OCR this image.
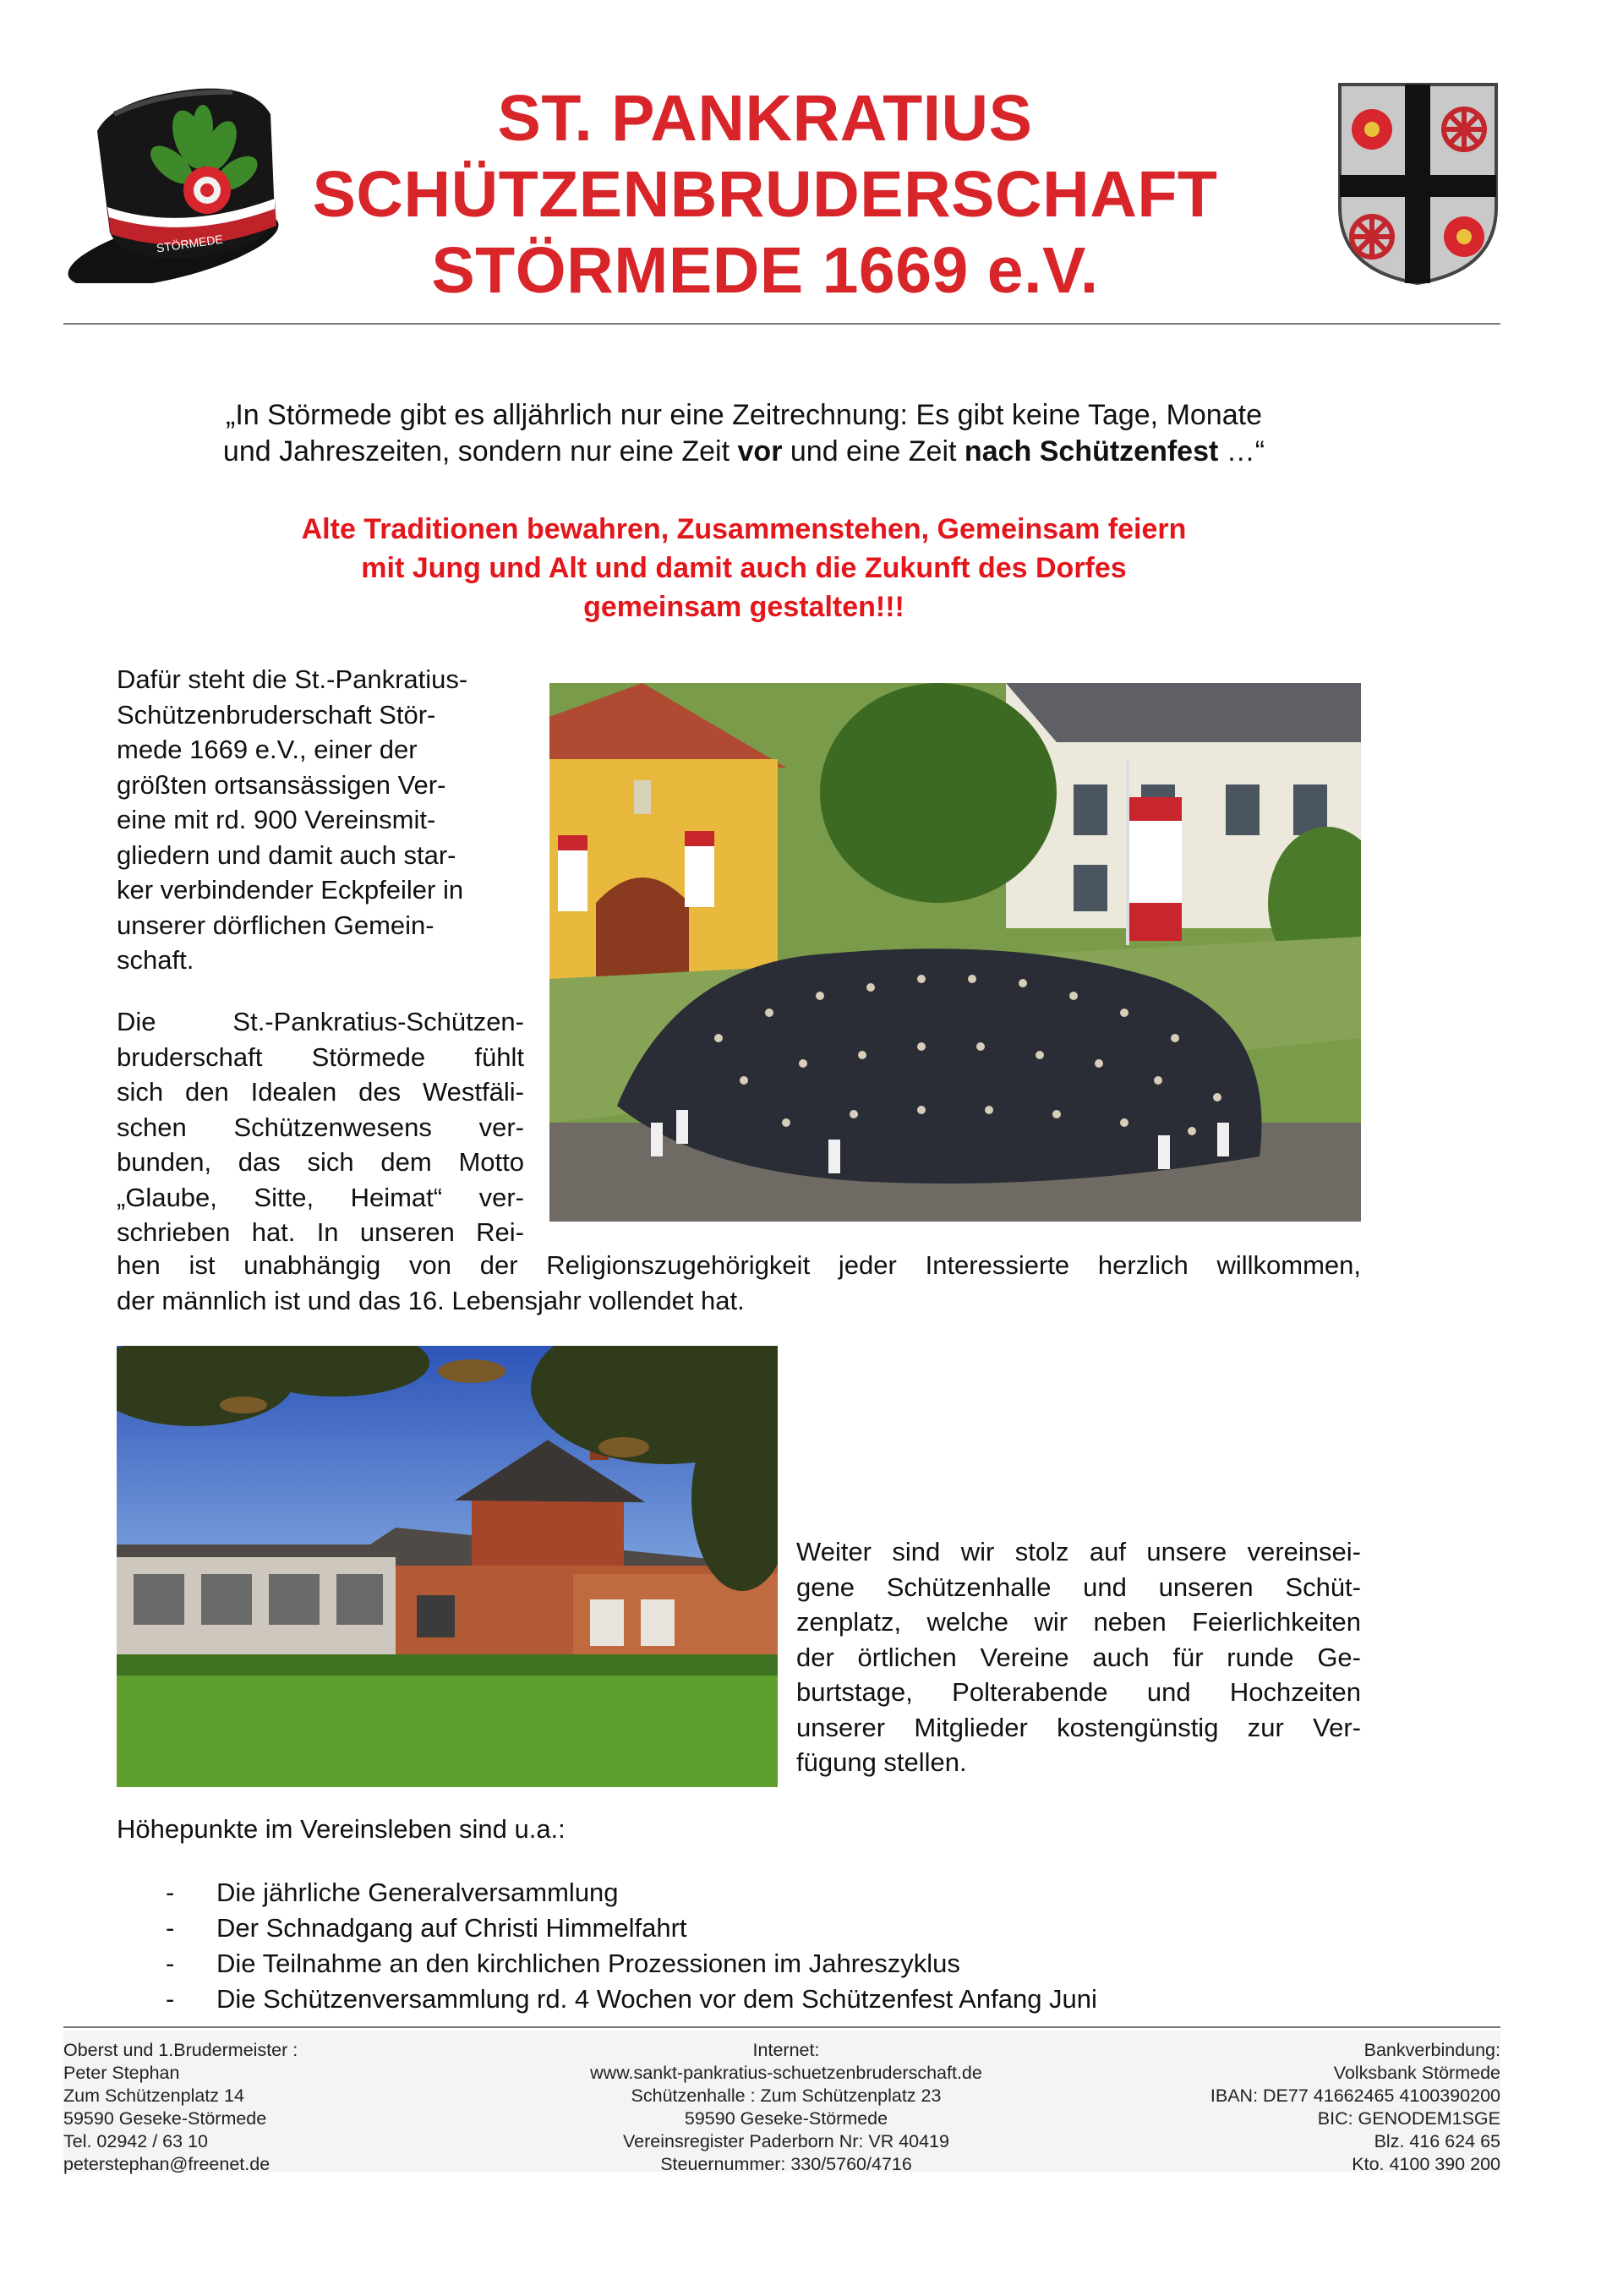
STÖRMEDE
ST. PANKRATIUS
SCHÜTZENBRUDERSCHAFT
STÖRMEDE 1669 e.V.
„In Störmede gibt es alljährlich nur eine Zeitrechnung: Es gibt keine Tage, Monate
und Jahreszeiten, sondern nur eine Zeit vor und eine Zeit nach Schützenfest …“
Alte Traditionen bewahren, Zusammenstehen, Gemeinsam feiern
mit Jung und Alt und damit auch die Zukunft des Dorfes
gemeinsam gestalten!!!
Dafür steht die St.-Pankratius-
Schützenbruderschaft Stör-
mede 1669 e.V., einer der
größten ortsansässigen Ver-
eine mit rd. 900 Vereinsmit-
gliedern und damit auch star-
ker verbindender Eckpfeiler in
unserer dörflichen Gemein-
schaft.
Die St.-Pankratius-Schützen-
bruderschaft Störmede fühlt
sich den Idealen des Westfäli-
schen Schützenwesens ver-
bunden, das sich dem Motto
„Glaube, Sitte, Heimat“ ver-
schrieben hat. In unseren Rei-
hen ist unabhängig von der Religionszugehörigkeit jeder Interessierte herzlich willkommen,
der männlich ist und das 16. Lebensjahr vollendet hat.
Weiter sind wir stolz auf unsere vereinsei-
gene Schützenhalle und unseren Schüt-
zenplatz, welche wir neben Feierlichkeiten
der örtlichen Vereine auch für runde Ge-
burtstage, Polterabende und Hochzeiten
unserer Mitglieder kostengünstig zur Ver-
fügung stellen.
Höhepunkte im Vereinsleben sind u.a.:
- Die jährliche Generalversammlung
- Der Schnadgang auf Christi Himmelfahrt
- Die Teilnahme an den kirchlichen Prozessionen im Jahreszyklus
- Die Schützenversammlung rd. 4 Wochen vor dem Schützenfest Anfang Juni
Oberst und 1.Brudermeister :
Peter Stephan
Zum Schützenplatz 14
59590 Geseke-Störmede
Tel. 02942 / 63 10
peterstephan@freenet.de
Internet:
www.sankt-pankratius-schuetzenbruderschaft.de
Schützenhalle : Zum Schützenplatz 23
59590 Geseke-Störmede
Vereinsregister Paderborn Nr: VR 40419
Steuernummer: 330/5760/4716
Bankverbindung:
Volksbank Störmede
IBAN: DE77 41662465 4100390200
BIC: GENODEM1SGE
Blz. 416 624 65
Kto. 4100 390 200
